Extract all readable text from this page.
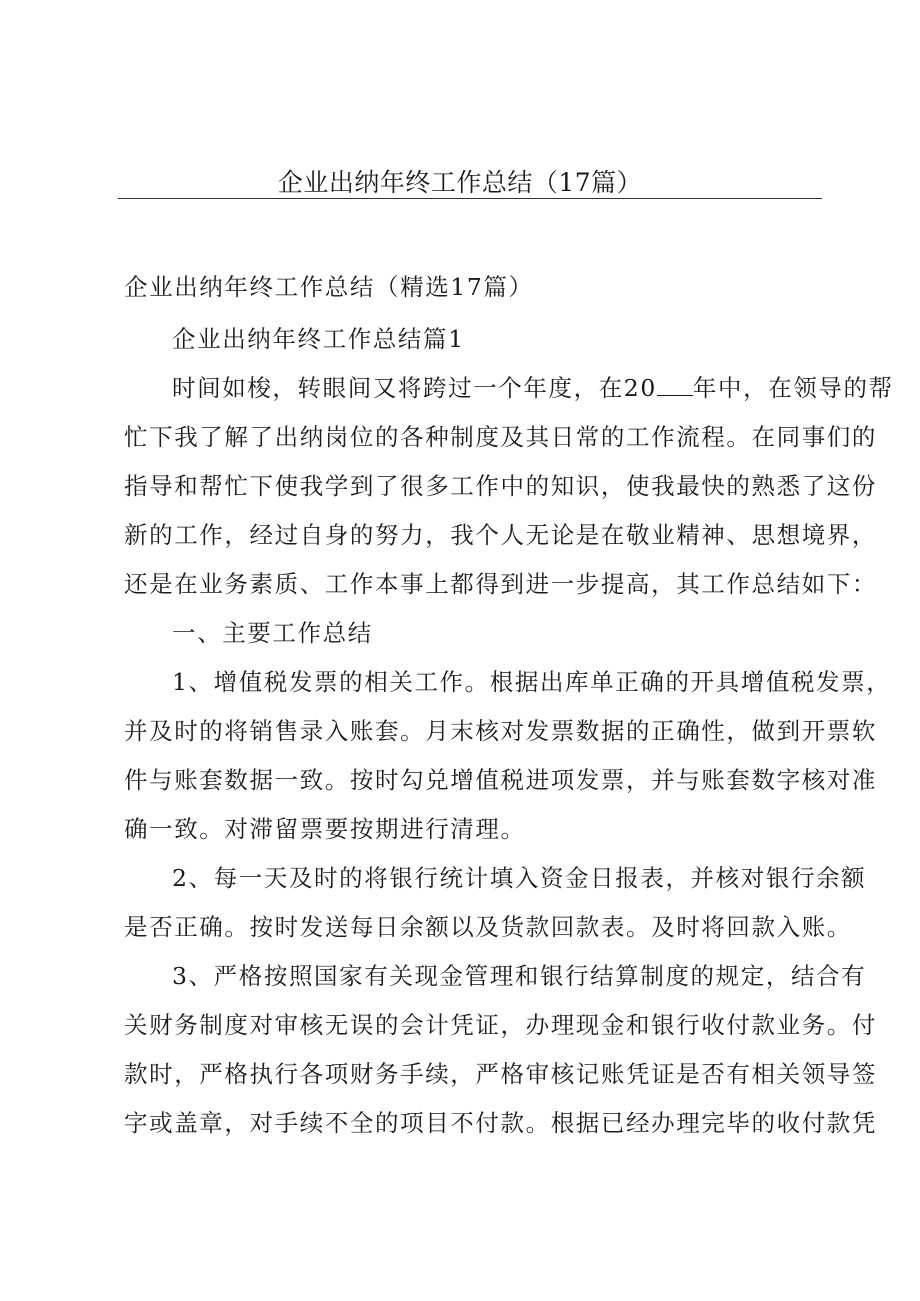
企业出纳年终工作总结（17篇）
企业出纳年终工作总结（精选17篇）
企业出纳年终工作总结篇1
时间如梭，转眼间又将跨过一个年度，在20 年中，在领导的帮
忙下我了解了出纳岗位的各种制度及其日常的工作流程。在同事们的
指导和帮忙下使我学到了很多工作中的知识，使我最快的熟悉了这份
新的工作，经过自身的努力，我个人无论是在敬业精神、思想境界，
还是在业务素质、工作本事上都得到进一步提高，其工作总结如下：
一、主要工作总结
1、增值税发票的相关工作。根据出库单正确的开具增值税发票，
并及时的将销售录入账套。月末核对发票数据的正确性，做到开票软
件与账套数据一致。按时勾兑增值税进项发票，并与账套数字核对准
确一致。对滞留票要按期进行清理。
2、每一天及时的将银行统计填入资金日报表，并核对银行余额
是否正确。按时发送每日余额以及货款回款表。及时将回款入账。
3、严格按照国家有关现金管理和银行结算制度的规定，结合有
关财务制度对审核无误的会计凭证，办理现金和银行收付款业务。付
款时，严格执行各项财务手续，严格审核记账凭证是否有相关领导签
字或盖章，对手续不全的项目不付款。根据已经办理完毕的收付款凭
